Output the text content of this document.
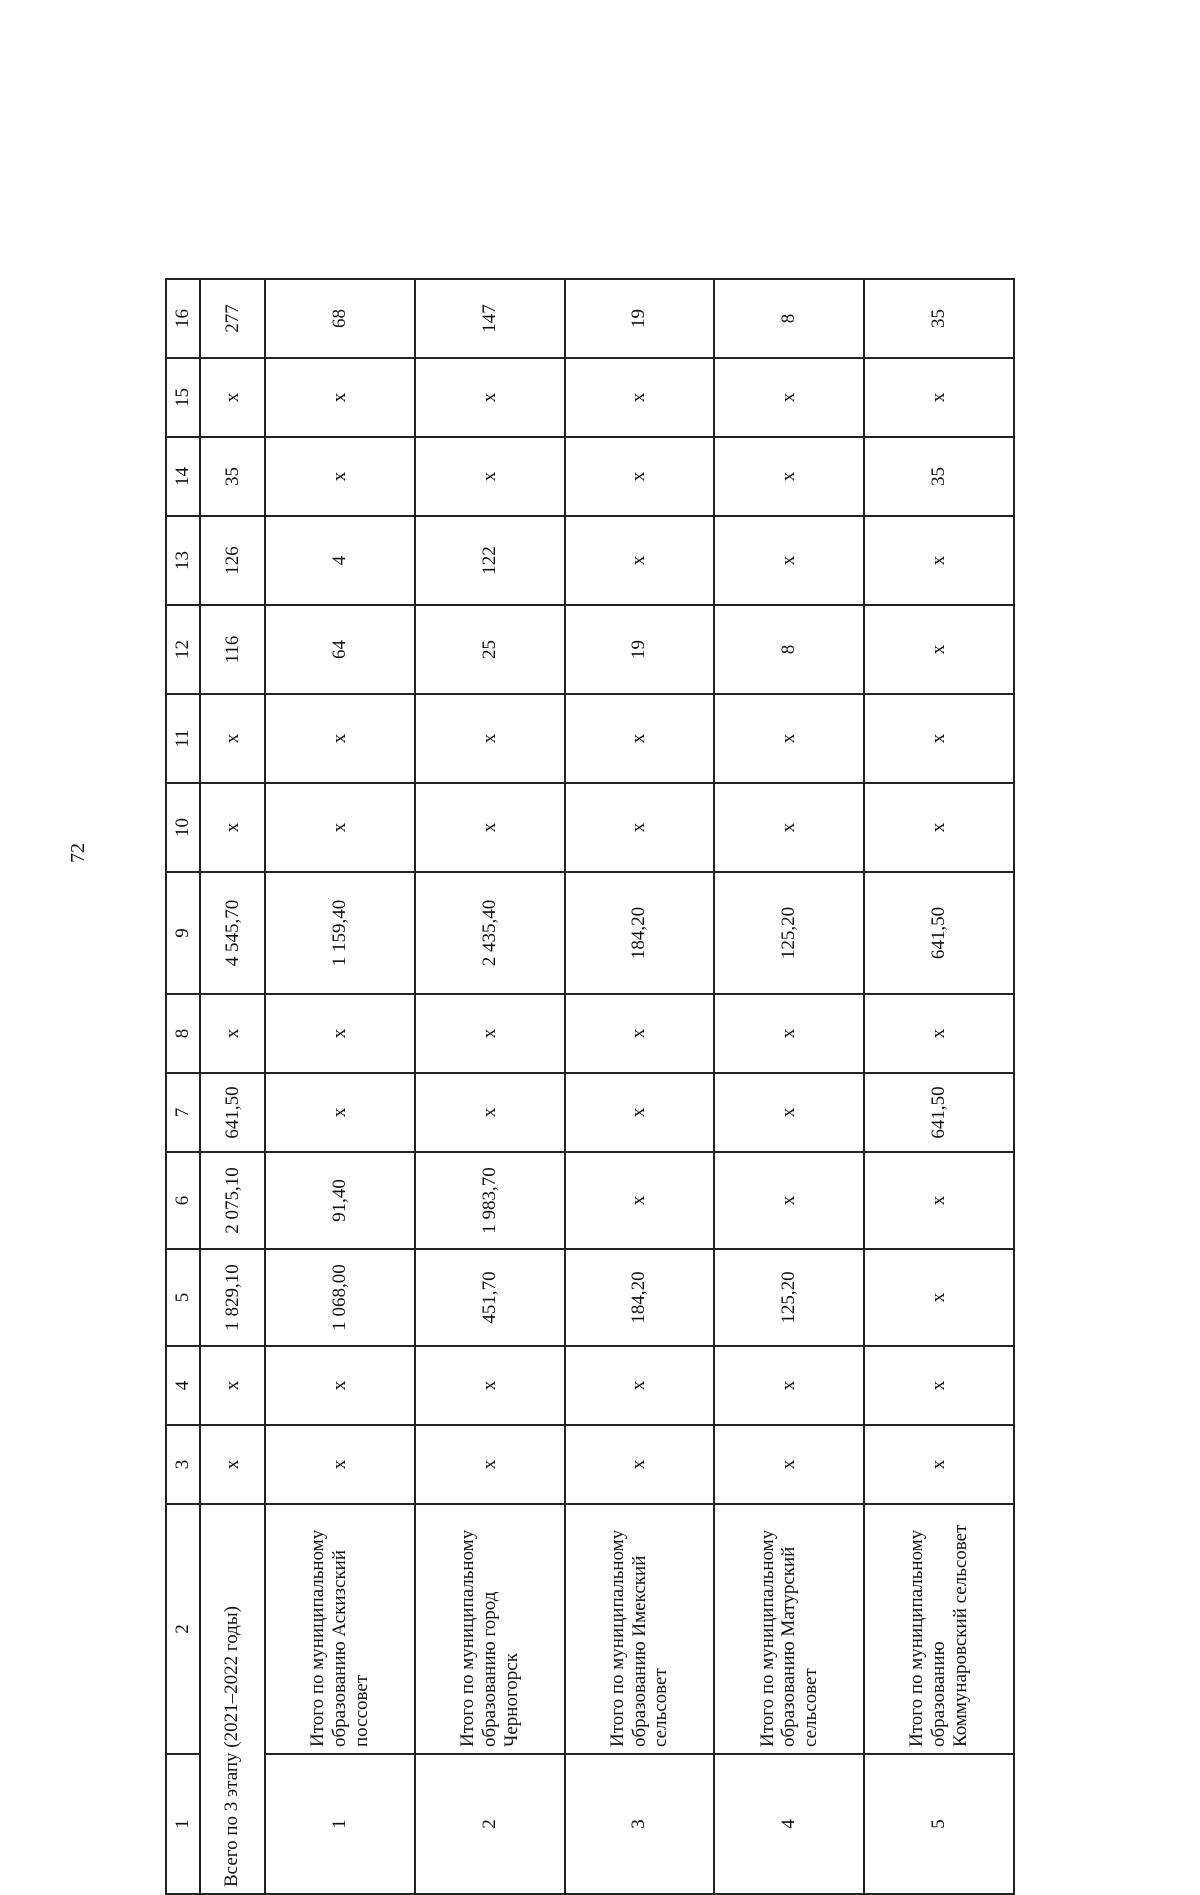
72
1	2	3	4	5	6	7	8	9	10	11	12	13	14	15	16
Всего по 3 этапу (2021–2022 годы)		x	x	1 829,10	2 075,10	641,50	x	4 545,70	x	x	116	126	35	x	277
1	Итого по муниципальному образованию Аскизский поссовет	x	x	1 068,00	91,40	x	x	1 159,40	x	x	64	4	x	x	68
2	Итого по муниципальному образованию город Черногорск	x	x	451,70	1 983,70	x	x	2 435,40	x	x	25	122	x	x	147
3	Итого по муниципальному образованию Имекский сельсовет	x	x	184,20	x	x	x	184,20	x	x	19	x	x	x	19
4	Итого по муниципальному образованию Матурский сельсовет	x	x	125,20	x	x	x	125,20	x	x	8	x	x	x	8
5	Итого по муниципальному образованию Коммунаровский сельсовет	x	x	x	x	641,50	x	641,50	x	x	x	x	35	x	35
